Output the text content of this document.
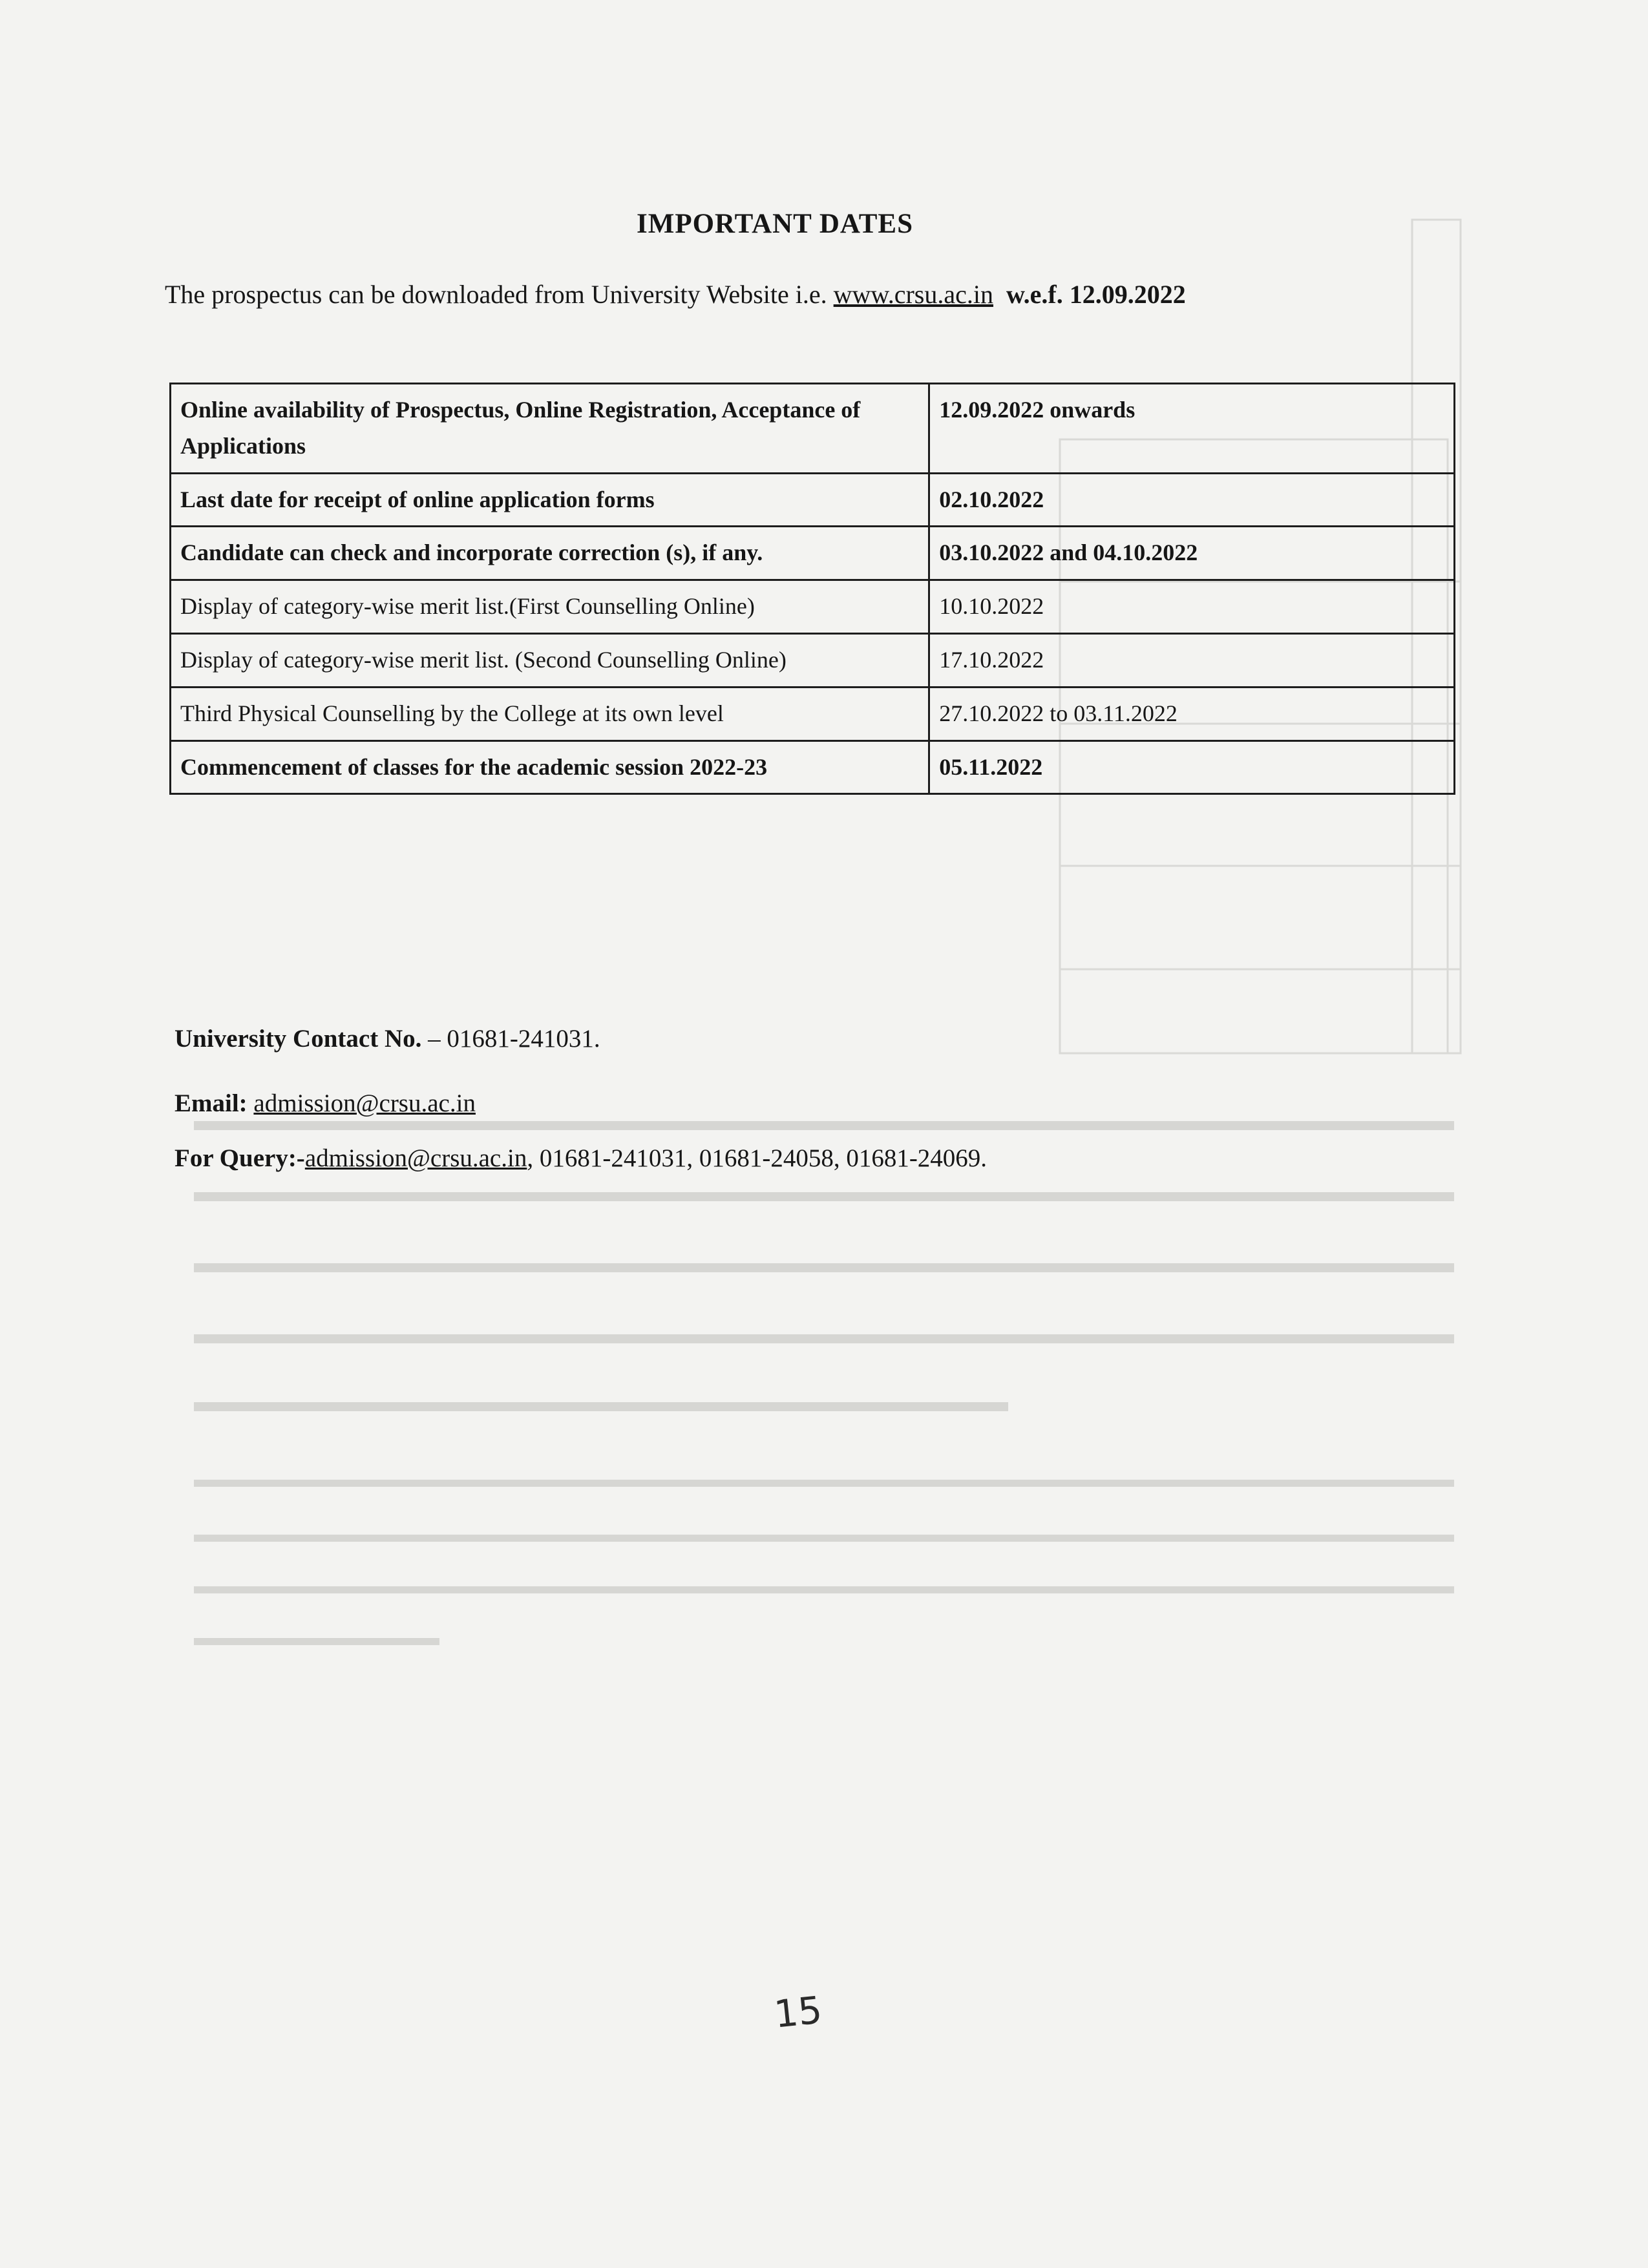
IMPORTANT DATES
The prospectus can be downloaded from University Website i.e. www.crsu.ac.in w.e.f. 12.09.2022
Online availability of Prospectus, Online Registration, Acceptance of Applications	12.09.2022 onwards
Last date for receipt of online application forms	02.10.2022
Candidate can check and incorporate correction (s), if any.	03.10.2022 and 04.10.2022
Display of category-wise merit list.(First Counselling Online)	10.10.2022
Display of category-wise merit list. (Second Counselling Online)	17.10.2022
Third Physical Counselling by the College at its own level	27.10.2022 to 03.11.2022
Commencement of classes for the academic session 2022-23	05.11.2022
University Contact No. – 01681-241031.
Email: admission@crsu.ac.in
For Query:-admission@crsu.ac.in, 01681-241031, 01681-24058, 01681-24069.
15
